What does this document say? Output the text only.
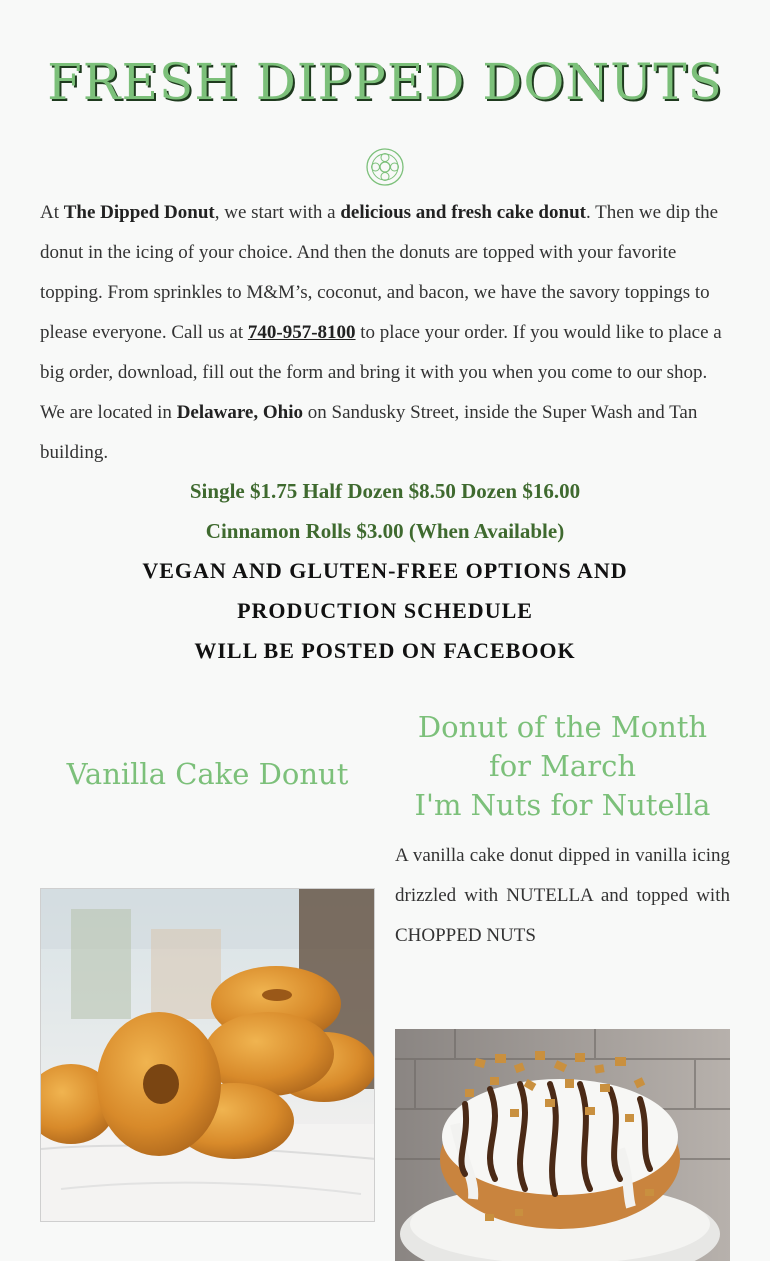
FRESH DIPPED DONUTS

At The Dipped Donut, we start with a delicious and fresh cake donut. Then we dip the donut in the icing of your choice. And then the donuts are topped with your favorite topping. From sprinkles to M&M’s, coconut, and bacon, we have the savory toppings to please everyone. Call us at 740-957-8100 to place your order. If you would like to place a big order, download, fill out the form and bring it with you when you come to our shop. We are located in Delaware, Ohio on Sandusky Street, inside the Super Wash and Tan building.

Single $1.75 Half Dozen $8.50 Dozen $16.00

Cinnamon Rolls $3.00 (When Available)

VEGAN AND GLUTEN-FREE OPTIONS AND PRODUCTION SCHEDULE
WILL BE POSTED ON FACEBOOK
Vanilla Cake Donut
Donut of the Month for March
I'm Nuts for Nutella

A vanilla cake donut dipped in vanilla icing drizzled with NUTELLA and topped with CHOPPED NUTS
